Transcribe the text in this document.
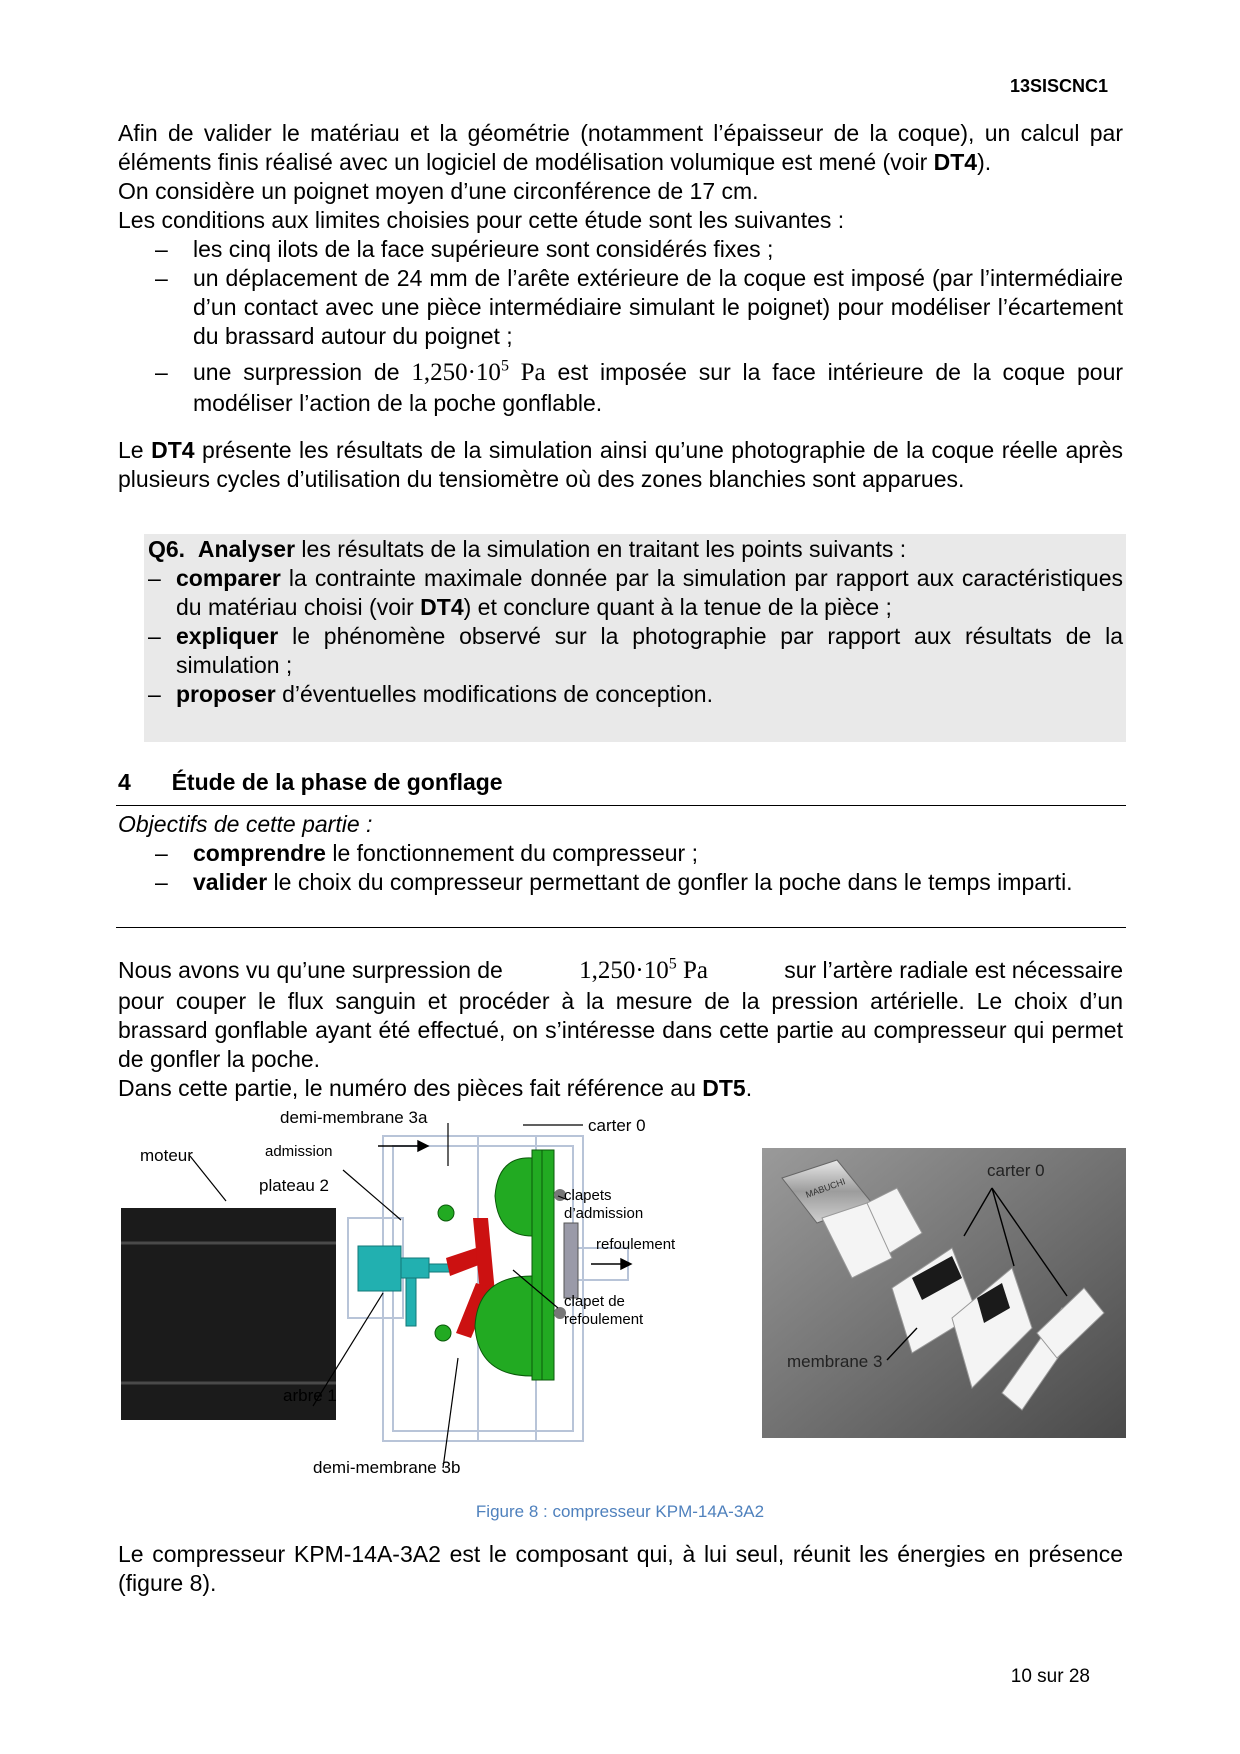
13SISCNC1

Afin de valider le matériau et la géométrie (notamment l’épaisseur de la coque), un calcul par éléments finis réalisé avec un logiciel de modélisation volumique est mené (voir DT4).

On considère un poignet moyen d’une circonférence de 17 cm.

Les conditions aux limites choisies pour cette étude sont les suivantes :

– les cinq ilots de la face supérieure sont considérés fixes ;
– un déplacement de 24 mm de l’arête extérieure de la coque est imposé (par l’intermédiaire d’un contact avec une pièce intermédiaire simulant le poignet) pour modéliser l’écartement du brassard autour du poignet ;
– une surpression de $1,250\cdot 10^5$ Pa est imposée sur la face intérieure de la coque pour modéliser l’action de la poche gonflable.

Le DT4 présente les résultats de la simulation ainsi qu’une photographie de la coque réelle après plusieurs cycles d’utilisation du tensiomètre où des zones blanchies sont apparues.

Q6. Analyser les résultats de la simulation en traitant les points suivants :

– comparer la contrainte maximale donnée par la simulation par rapport aux caractéristiques du matériau choisi (voir DT4) et conclure quant à la tenue de la pièce ;
– expliquer le phénomène observé sur la photographie par rapport aux résultats de la simulation ;
– proposer d’éventuelles modifications de conception.
4 Étude de la phase de gonflage

Objectifs de cette partie :

– comprendre le fonctionnement du compresseur ;
– valider le choix du compresseur permettant de gonfler la poche dans le temps imparti.

Nous avons vu qu’une surpression de	$1,250\cdot 10^5$ Pa	sur l’artère radiale est nécessaire

pour couper le flux sanguin et procéder à la mesure de la pression artérielle. Le choix d’un brassard gonflable ayant été effectué, on s’intéresse dans cette partie au compresseur qui permet de gonfler la poche.

Dans cette partie, le numéro des pièces fait référence au DT5.

demi-membrane 3a
admission
carter 0
moteur
plateau 2
clapets
d’admission
refoulement
clapet de
refoulement
arbre 1
demi-membrane 3b
MABUCHI
carter 0
membrane 3
Figure 8 : compresseur KPM-14A-3A2
Le compresseur KPM-14A-3A2 est le composant qui, à lui seul, réunit les énergies en présence (figure 8).
10 sur 28
